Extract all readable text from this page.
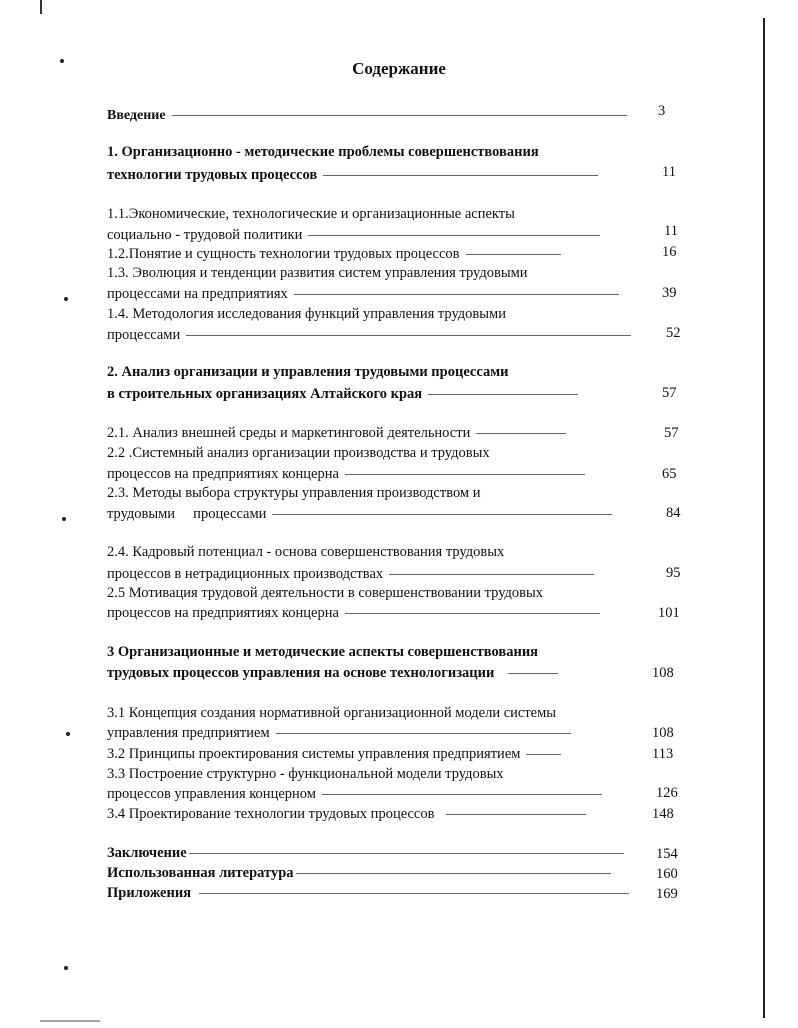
Содержание
Введение	3
1. Организационно - методические проблемы совершенствования
технологии трудовых процессов	11
1.1.Экономические, технологические и организационные аспекты
социально - трудовой политики	11
1.2.Понятие и сущность технологии трудовых процессов	16
1.3. Эволюция и тенденции развития систем управления трудовыми
процессами на предприятиях	39
1.4. Методология исследования функций управления трудовыми
процессами	52
2. Анализ организации и управления трудовыми процессами
в строительных организациях Алтайского края	57
2.1. Анализ внешней среды и маркетинговой деятельности	57
2.2 .Системный анализ организации производства и трудовых
процессов на предприятиях концерна	65
2.3. Методы выбора структуры управления производством и
трудовыми     процессами	84
2.4. Кадровый потенциал - основа совершенствования трудовых
процессов в нетрадиционных производствах	95
2.5 Мотивация трудовой деятельности в совершенствовании трудовых
процессов на предприятиях концерна	101
3 Организационные и методические аспекты совершенствования
трудовых процессов управления на основе технологизации	108
3.1 Концепция создания нормативной организационной модели системы
управления предприятием	108
3.2 Принципы проектирования системы управления предприятием	113
3.3 Построение структурно - функциональной модели трудовых
процессов управления концерном	126
3.4 Проектирование технологии трудовых процессов	148
Заключение	154
Использованная литература	160
Приложения	169
